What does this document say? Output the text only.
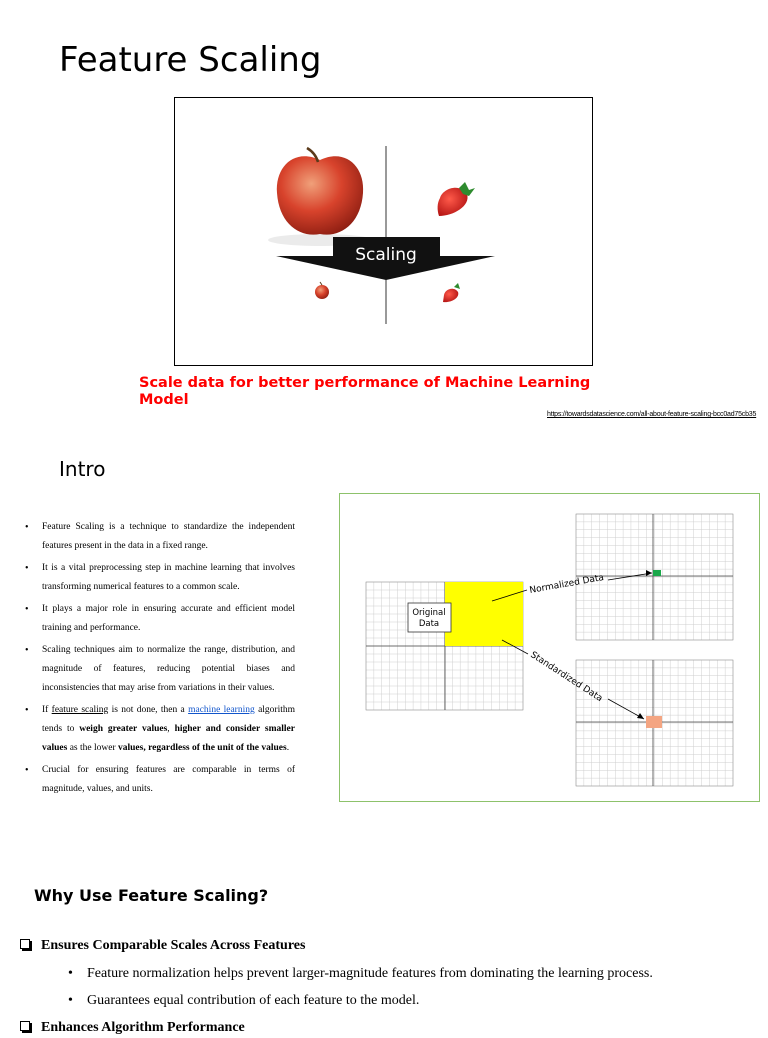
Feature Scaling
Scaling
Scale data for better performance of Machine Learning Model
https://towardsdatascience.com/all-about-feature-scaling-bcc0ad75cb35
Intro
• Feature Scaling is a technique to standardize the independent features present in the data in a fixed range.
• It is a vital preprocessing step in machine learning that involves transforming numerical features to a common scale.
• It plays a major role in ensuring accurate and efficient model training and performance.
• Scaling techniques aim to normalize the range, distribution, and magnitude of features, reducing potential biases and inconsistencies that may arise from variations in their values.
• If feature scaling is not done, then a machine learning algorithm tends to weigh greater values, higher and consider smaller values as the lower values, regardless of the unit of the values.
• Crucial for ensuring features are comparable in terms of magnitude, values, and units.
Original
Data
Normalized Data
Standardized Data
Why Use Feature Scaling?
Ensures Comparable Scales Across Features
• Feature normalization helps prevent larger-magnitude features from dominating the learning process.
• Guarantees equal contribution of each feature to the model.
Enhances Algorithm Performance
